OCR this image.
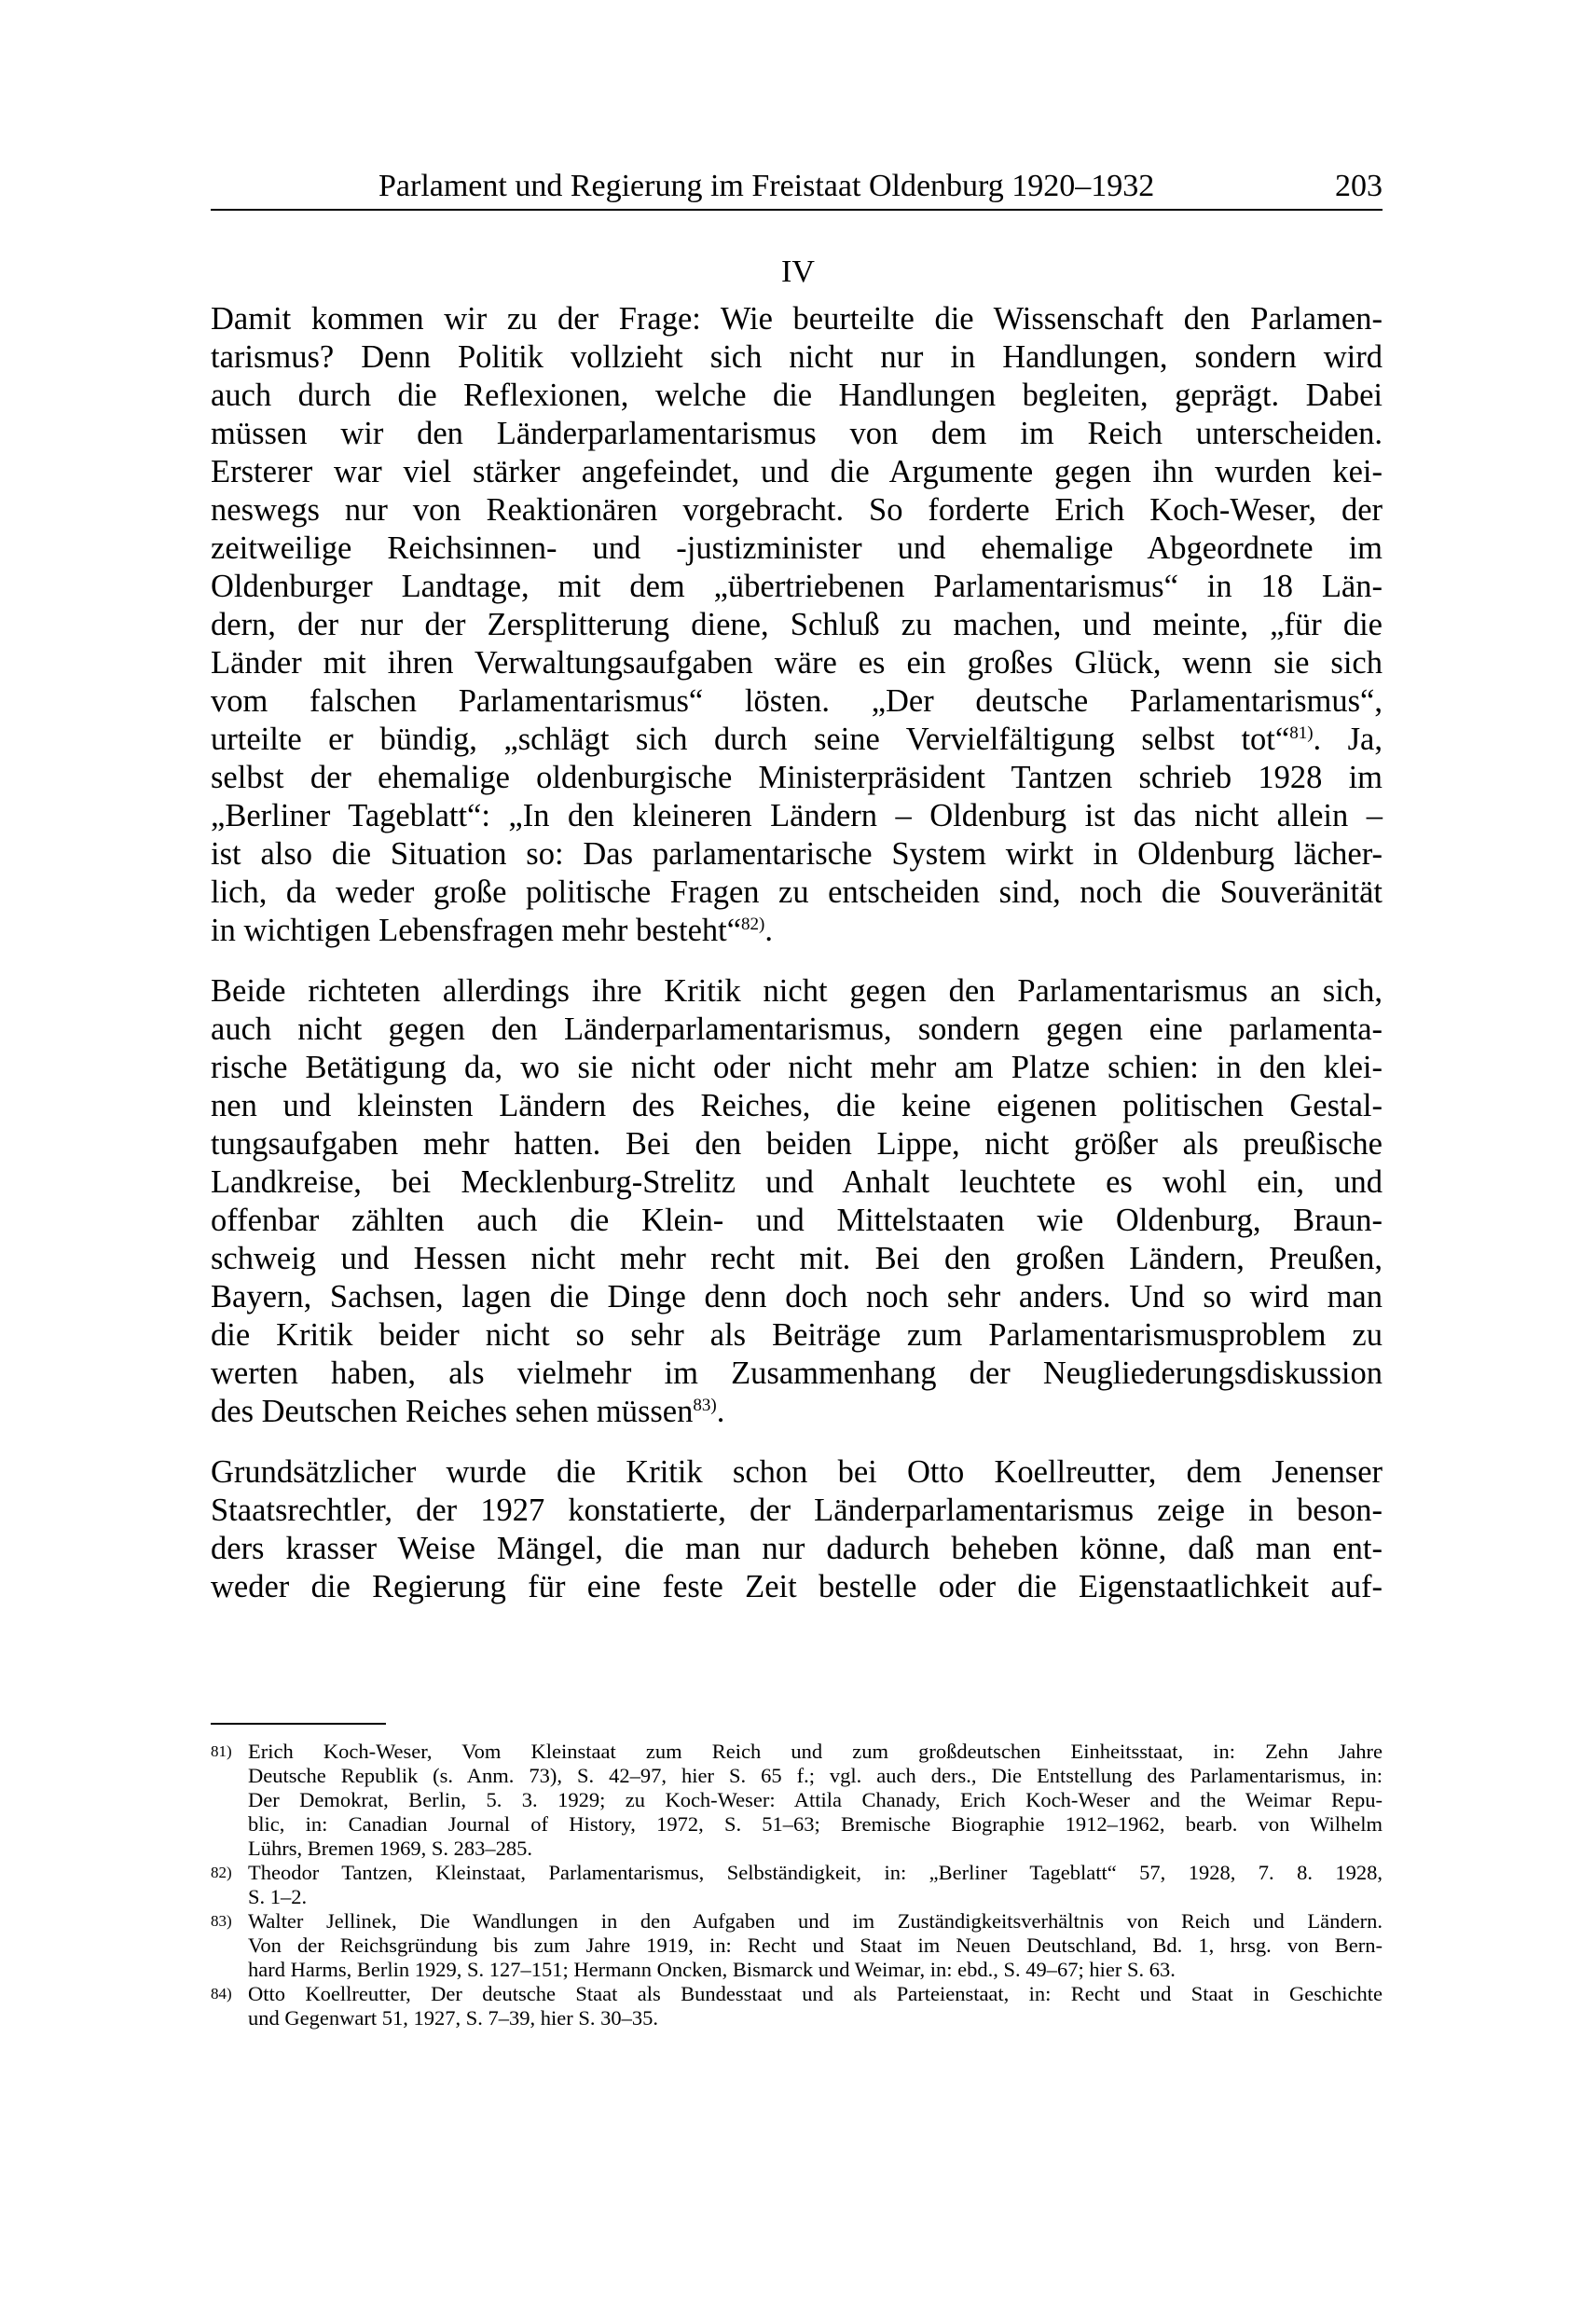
Parlament und Regierung im Freistaat Oldenburg 1920–1932	203
IV

Damit kommen wir zu der Frage: Wie beurteilte die Wissenschaft den Parlamen-
tarismus? Denn Politik vollzieht sich nicht nur in Handlungen, sondern wird
auch durch die Reflexionen, welche die Handlungen begleiten, geprägt. Dabei
müssen wir den Länderparlamentarismus von dem im Reich unterscheiden.
Ersterer war viel stärker angefeindet, und die Argumente gegen ihn wurden kei-
neswegs nur von Reaktionären vorgebracht. So forderte Erich Koch-Weser, der
zeitweilige Reichsinnen- und -justizminister und ehemalige Abgeordnete im
Oldenburger Landtage, mit dem „übertriebenen Parlamentarismus“ in 18 Län-
dern, der nur der Zersplitterung diene, Schluß zu machen, und meinte, „für die
Länder mit ihren Verwaltungsaufgaben wäre es ein großes Glück, wenn sie sich
vom falschen Parlamentarismus“ lösten. „Der deutsche Parlamentarismus“,
urteilte er bündig, „schlägt sich durch seine Vervielfältigung selbst tot“$^{81)}$. Ja,
selbst der ehemalige oldenburgische Ministerpräsident Tantzen schrieb 1928 im
„Berliner Tageblatt“: „In den kleineren Ländern – Oldenburg ist das nicht allein –
ist also die Situation so: Das parlamentarische System wirkt in Oldenburg lächer-
lich, da weder große politische Fragen zu entscheiden sind, noch die Souveränität
in wichtigen Lebensfragen mehr besteht“$^{82)}$.

Beide richteten allerdings ihre Kritik nicht gegen den Parlamentarismus an sich,
auch nicht gegen den Länderparlamentarismus, sondern gegen eine parlamenta-
rische Betätigung da, wo sie nicht oder nicht mehr am Platze schien: in den klei-
nen und kleinsten Ländern des Reiches, die keine eigenen politischen Gestal-
tungsaufgaben mehr hatten. Bei den beiden Lippe, nicht größer als preußische
Landkreise, bei Mecklenburg-Strelitz und Anhalt leuchtete es wohl ein, und
offenbar zählten auch die Klein- und Mittelstaaten wie Oldenburg, Braun-
schweig und Hessen nicht mehr recht mit. Bei den großen Ländern, Preußen,
Bayern, Sachsen, lagen die Dinge denn doch noch sehr anders. Und so wird man
die Kritik beider nicht so sehr als Beiträge zum Parlamentarismusproblem zu
werten haben, als vielmehr im Zusammenhang der Neugliederungsdiskussion
des Deutschen Reiches sehen müssen$^{83)}$.

Grundsätzlicher wurde die Kritik schon bei Otto Koellreutter, dem Jenenser
Staatsrechtler, der 1927 konstatierte, der Länderparlamentarismus zeige in beson-
ders krasser Weise Mängel, die man nur dadurch beheben könne, daß man ent-
weder die Regierung für eine feste Zeit bestelle oder die Eigenstaatlichkeit auf-

81) Erich Koch-Weser, Vom Kleinstaat zum Reich und zum großdeutschen Einheitsstaat, in: Zehn Jahre
Deutsche Republik (s. Anm. 73), S. 42–97, hier S. 65 f.; vgl. auch ders., Die Entstellung des Parlamentarismus, in:
Der Demokrat, Berlin, 5. 3. 1929; zu Koch-Weser: Attila Chanady, Erich Koch-Weser and the Weimar Repu-
blic, in: Canadian Journal of History, 1972, S. 51–63; Bremische Biographie 1912–1962, bearb. von Wilhelm
Lührs, Bremen 1969, S. 283–285.
82) Theodor Tantzen, Kleinstaat, Parlamentarismus, Selbständigkeit, in: „Berliner Tageblatt“ 57, 1928, 7. 8. 1928,
S. 1–2.
83) Walter Jellinek, Die Wandlungen in den Aufgaben und im Zuständigkeitsverhältnis von Reich und Ländern.
Von der Reichsgründung bis zum Jahre 1919, in: Recht und Staat im Neuen Deutschland, Bd. 1, hrsg. von Bern-
hard Harms, Berlin 1929, S. 127–151; Hermann Oncken, Bismarck und Weimar, in: ebd., S. 49–67; hier S. 63.
84) Otto Koellreutter, Der deutsche Staat als Bundesstaat und als Parteienstaat, in: Recht und Staat in Geschichte
und Gegenwart 51, 1927, S. 7–39, hier S. 30–35.
